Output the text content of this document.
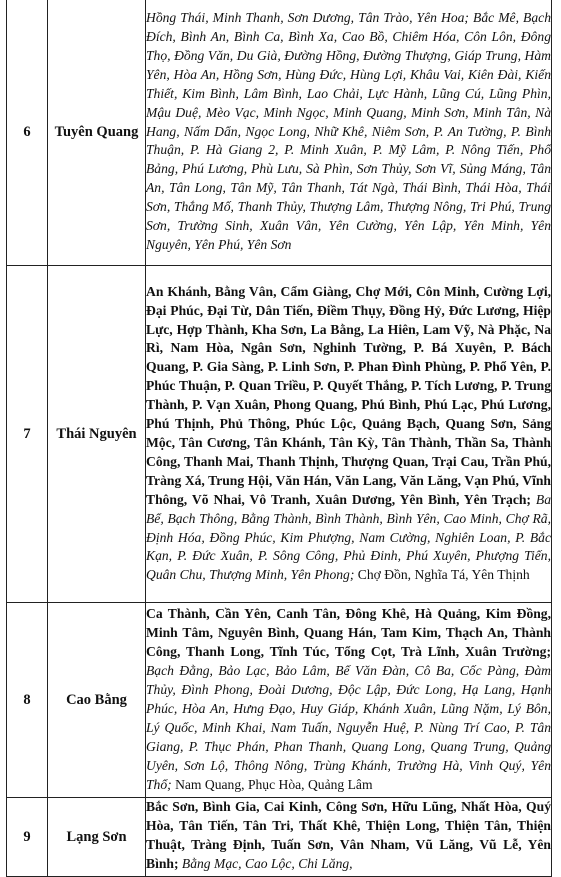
6	Tuyên Quang	Hồng Thái, Minh Thanh, Sơn Dương, Tân Trào, Yên Hoa; Bắc Mê, Bạch Đích, Bình An, Bình Ca, Bình Xa, Cao Bồ, Chiêm Hóa, Côn Lôn, Đông Thọ, Đồng Văn, Du Già, Đường Hồng, Đường Thượng, Giáp Trung, Hàm Yên, Hòa An, Hồng Sơn, Hùng Đức, Hùng Lợi, Khâu Vai, Kiên Đài, Kiến Thiết, Kim Bình, Lâm Bình, Lao Chải, Lực Hành, Lũng Cú, Lũng Phìn, Mậu Duệ, Mèo Vạc, Minh Ngọc, Minh Quang, Minh Sơn, Minh Tân, Nà Hang, Nấm Dẩn, Ngọc Long, Nhữ Khê, Niêm Sơn, P. An Tường, P. Bình Thuận, P. Hà Giang 2, P. Minh Xuân, P. Mỹ Lâm, P. Nông Tiến, Phố Bảng, Phú Lương, Phù Lưu, Sà Phìn, Sơn Thủy, Sơn Vĩ, Sủng Máng, Tân An, Tân Long, Tân Mỹ, Tân Thanh, Tát Ngà, Thái Bình, Thái Hòa, Thái Sơn, Thắng Mố, Thanh Thủy, Thượng Lâm, Thượng Nông, Tri Phú, Trung Sơn, Trường Sinh, Xuân Vân, Yên Cường, Yên Lập, Yên Minh, Yên Nguyên, Yên Phú, Yên Sơn
7	Thái Nguyên	An Khánh, Bằng Vân, Cẩm Giàng, Chợ Mới, Côn Minh, Cường Lợi, Đại Phúc, Đại Từ, Dân Tiến, Điềm Thụy, Đồng Hỷ, Đức Lương, Hiệp Lực, Hợp Thành, Kha Sơn, La Bằng, La Hiên, Lam Vỹ, Nà Phặc, Na Rì, Nam Hòa, Ngân Sơn, Nghinh Tường, P. Bá Xuyên, P. Bách Quang, P. Gia Sàng, P. Linh Sơn, P. Phan Đình Phùng, P. Phổ Yên, P. Phúc Thuận, P. Quan Triều, P. Quyết Thắng, P. Tích Lương, P. Trung Thành, P. Vạn Xuân, Phong Quang, Phú Bình, Phú Lạc, Phú Lương, Phú Thịnh, Phủ Thông, Phúc Lộc, Quảng Bạch, Quang Sơn, Sảng Mộc, Tân Cương, Tân Khánh, Tân Kỳ, Tân Thành, Thần Sa, Thành Công, Thanh Mai, Thanh Thịnh, Thượng Quan, Trại Cau, Trần Phú, Tràng Xá, Trung Hội, Văn Hán, Văn Lang, Văn Lăng, Vạn Phú, Vĩnh Thông, Võ Nhai, Vô Tranh, Xuân Dương, Yên Bình, Yên Trạch; Ba Bể, Bạch Thông, Bằng Thành, Bình Thành, Bình Yên, Cao Minh, Chợ Rã, Định Hóa, Đồng Phúc, Kim Phượng, Nam Cường, Nghiên Loan, P. Bắc Kạn, P. Đức Xuân, P. Sông Công, Phủ Đinh, Phú Xuyên, Phượng Tiến, Quân Chu, Thượng Minh, Yên Phong; Chợ Đồn, Nghĩa Tá, Yên Thịnh
8	Cao Bằng	Ca Thành, Cần Yên, Canh Tân, Đông Khê, Hà Quảng, Kim Đồng, Minh Tâm, Nguyên Bình, Quang Hán, Tam Kim, Thạch An, Thành Công, Thanh Long, Tĩnh Túc, Tổng Cọt, Trà Lĩnh, Xuân Trường; Bạch Đằng, Bảo Lạc, Bảo Lâm, Bế Văn Đàn, Cô Ba, Cốc Pàng, Đàm Thủy, Đình Phong, Đoài Dương, Độc Lập, Đức Long, Hạ Lang, Hạnh Phúc, Hòa An, Hưng Đạo, Huy Giáp, Khánh Xuân, Lũng Nặm, Lý Bôn, Lý Quốc, Minh Khai, Nam Tuấn, Nguyễn Huệ, P. Nùng Trí Cao, P. Tân Giang, P. Thục Phán, Phan Thanh, Quang Long, Quang Trung, Quảng Uyên, Sơn Lộ, Thông Nông, Trùng Khánh, Trường Hà, Vinh Quý, Yên Thổ; Nam Quang, Phục Hòa, Quảng Lâm
9	Lạng Sơn	Bắc Sơn, Bình Gia, Cai Kinh, Công Sơn, Hữu Lũng, Nhất Hòa, Quý Hòa, Tân Tiến, Tân Tri, Thất Khê, Thiện Long, Thiện Tân, Thiện Thuật, Tràng Định, Tuấn Sơn, Vân Nham, Vũ Lăng, Vũ Lễ, Yên Bình; Bằng Mạc, Cao Lộc, Chi Lăng,
